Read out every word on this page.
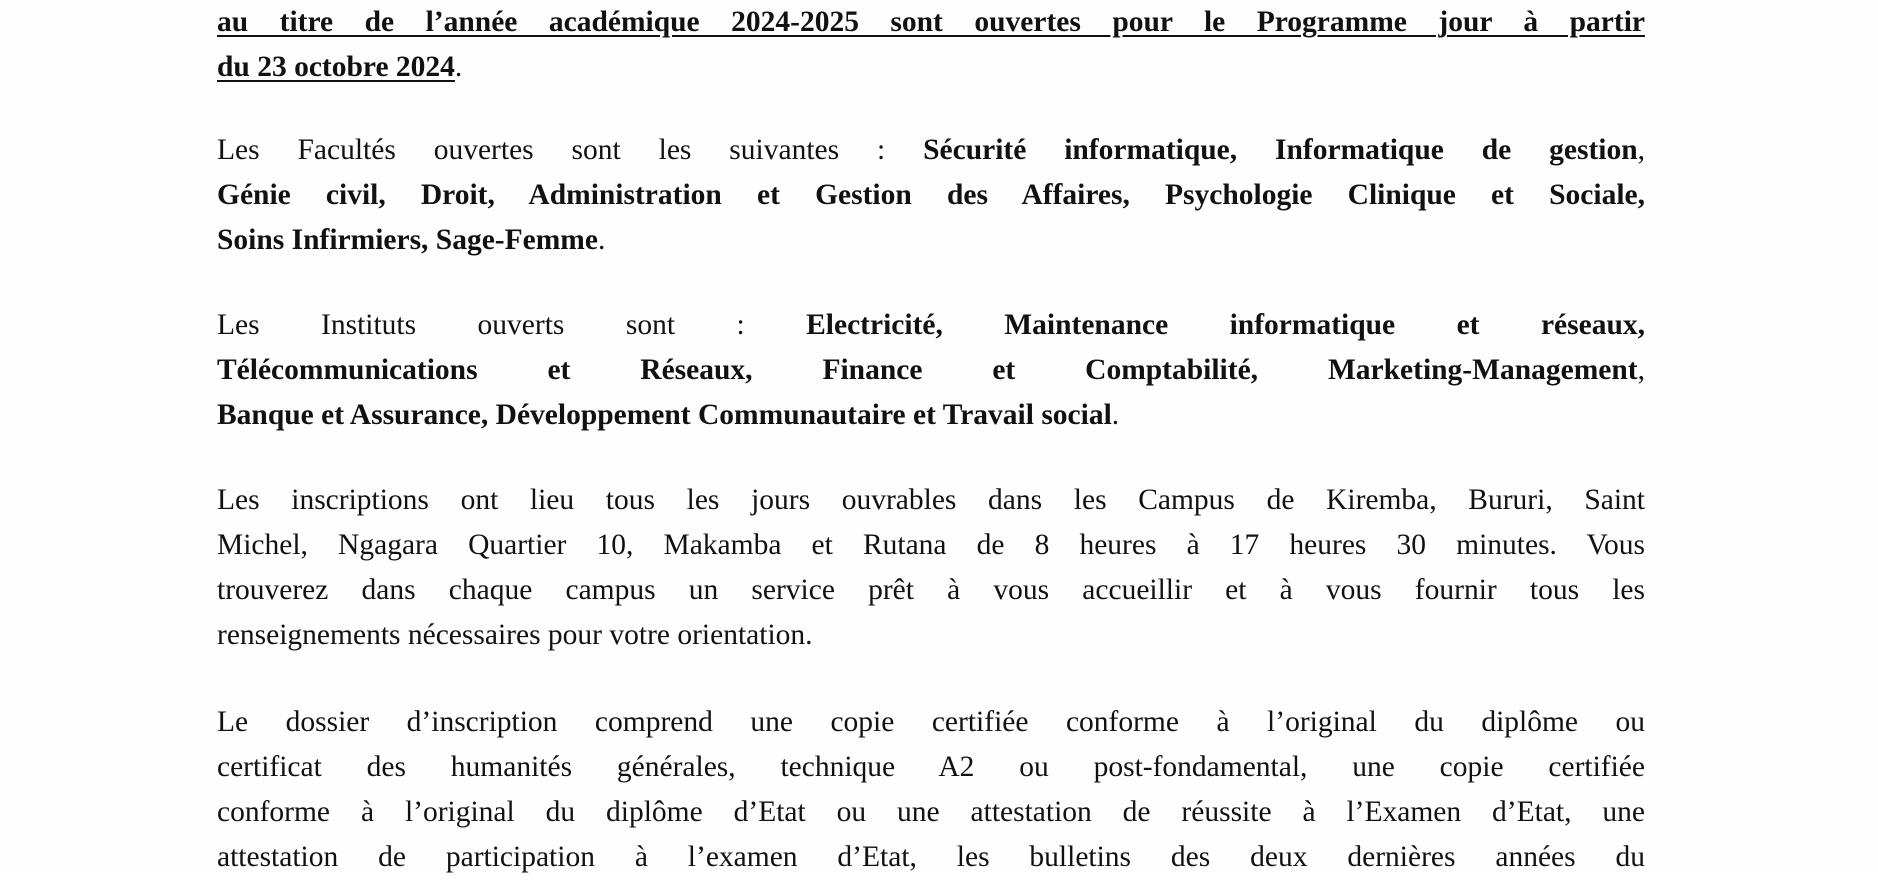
au titre de l’année académique 2024-2025 sont ouvertes pour le Programme jour à partir
du 23 octobre 2024.
Les Facultés ouvertes sont les suivantes : Sécurité informatique, Informatique de gestion,
Génie civil, Droit, Administration et Gestion des Affaires, Psychologie Clinique et Sociale,
Soins Infirmiers, Sage-Femme.
Les Instituts ouverts sont : Electricité, Maintenance informatique et réseaux,
Télécommunications et Réseaux, Finance et Comptabilité, Marketing-Management,
Banque et Assurance, Développement Communautaire et Travail social.
Les inscriptions ont lieu tous les jours ouvrables dans les Campus de Kiremba, Bururi, Saint
Michel, Ngagara Quartier 10, Makamba et Rutana de 8 heures à 17 heures 30 minutes. Vous
trouverez dans chaque campus un service prêt à vous accueillir et à vous fournir tous les
renseignements nécessaires pour votre orientation.
Le dossier d’inscription comprend une copie certifiée conforme à l’original du diplôme ou
certificat des humanités générales, technique A2 ou post-fondamental, une copie certifiée
conforme à l’original du diplôme d’Etat ou une attestation de réussite à l’Examen d’Etat, une
attestation de participation à l’examen d’Etat, les bulletins des deux dernières années du
